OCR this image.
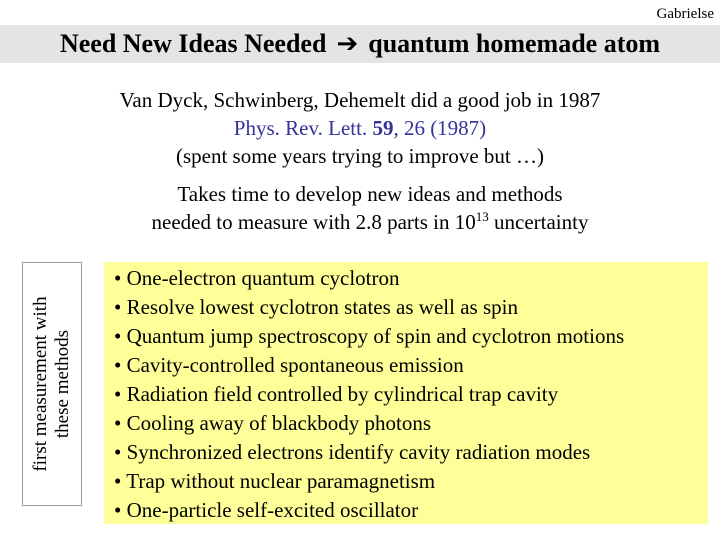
Gabrielse
Need New Ideas Needed ➔ quantum homemade atom
Van Dyck, Schwinberg, Dehemelt did a good job in 1987
Phys. Rev. Lett. 59, 26 (1987)
(spent some years trying to improve but …)
Takes time to develop new ideas and methods
needed to measure with 2.8 parts in $10^{13}$ uncertainty
first measurement with these methods
• One-electron quantum cyclotron
• Resolve lowest cyclotron states as well as spin
• Quantum jump spectroscopy of spin and cyclotron motions
• Cavity-controlled spontaneous emission
• Radiation field controlled by cylindrical trap cavity
• Cooling away of blackbody photons
• Synchronized electrons identify cavity radiation modes
• Trap without nuclear paramagnetism
• One-particle self-excited oscillator
